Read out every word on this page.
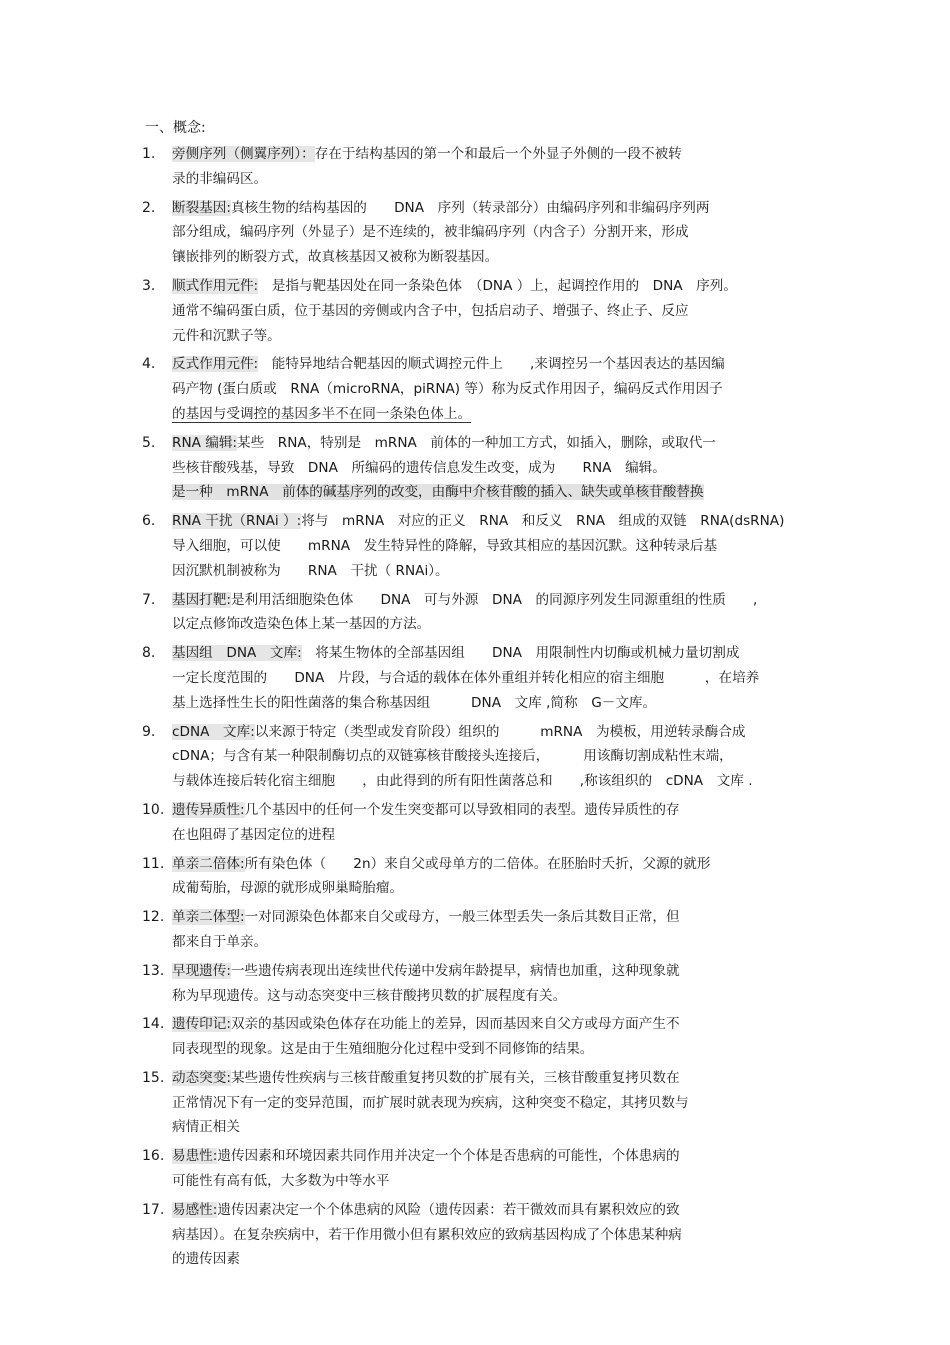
一、概念:
1.	旁侧序列（侧翼序列）：存在于结构基因的第一个和最后一个外显子外侧的一段不被转
录的非编码区。
2.	断裂基因:真核生物的结构基因的　　DNA　序列（转录部分）由编码序列和非编码序列两
部分组成，编码序列（外显子）是不连续的，被非编码序列（内含子）分割开来，形成
镶嵌排列的断裂方式，故真核基因又被称为断裂基因。
3.	顺式作用元件:　是指与靶基因处在同一条染色体　（DNA ）上，起调控作用的　DNA　序列。
通常不编码蛋白质，位于基因的旁侧或内含子中，包括启动子、增强子、终止子、反应
元件和沉默子等。
4.	反式作用元件:　能特异地结合靶基因的顺式调控元件上　　,来调控另一个基因表达的基因编
码产物 (蛋白质或　RNA（microRNA，piRNA) 等）称为反式作用因子，编码反式作用因子
的基因与受调控的基因多半不在同一条染色体上。
5.	RNA 编辑:某些　RNA，特别是　mRNA　前体的一种加工方式，如插入，删除，或取代一
些核苷酸残基，导致　DNA　所编码的遗传信息发生改变，成为　　RNA　编辑。
是一种　mRNA　前体的碱基序列的改变，由酶中介核苷酸的插入、缺失或单核苷酸替换
6.	RNA 干扰（RNAi ）:将与　mRNA　对应的正义　RNA　和反义　RNA　组成的双链　RNA(dsRNA)
导入细胞，可以使　　mRNA　发生特异性的降解，导致其相应的基因沉默。这种转录后基
因沉默机制被称为　　RNA　干扰（ RNAi）。
7.	基因打靶:是利用活细胞染色体　　DNA　可与外源　DNA　的同源序列发生同源重组的性质　　,
以定点修饰改造染色体上某一基因的方法。
8.	基因组　DNA　文库:　将某生物体的全部基因组　　DNA　用限制性内切酶或机械力量切割成
一定长度范围的　　DNA　片段，与合适的载体在体外重组并转化相应的宿主细胞　　　，在培养
基上选择性生长的阳性菌落的集合称基因组　　　DNA　文库 ,简称　G－文库。
9.	cDNA　文库:以来源于特定（类型或发育阶段）组织的　　　mRNA　为模板，用逆转录酶合成
cDNA；与含有某一种限制酶切点的双链寡核苷酸接头连接后，　　　用该酶切割成粘性末端，
与载体连接后转化宿主细胞　　，由此得到的所有阳性菌落总和　　,称该组织的　cDNA　文库 .
10. 遗传异质性:几个基因中的任何一个发生突变都可以导致相同的表型。遗传异质性的存
在也阻碍了基因定位的进程
11. 单亲二倍体:所有染色体（　　2n）来自父或母单方的二倍体。在胚胎时夭折，父源的就形
成葡萄胎，母源的就形成卵巢畸胎瘤。
12. 单亲二体型:一对同源染色体都来自父或母方，一般三体型丢失一条后其数目正常，但
都来自于单亲。
13. 早现遗传:一些遗传病表现出连续世代传递中发病年龄提早，病情也加重，这种现象就
称为早现遗传。这与动态突变中三核苷酸拷贝数的扩展程度有关。
14. 遗传印记:双亲的基因或染色体存在功能上的差异，因而基因来自父方或母方面产生不
同表现型的现象。这是由于生殖细胞分化过程中受到不同修饰的结果。
15. 动态突变:某些遗传性疾病与三核苷酸重复拷贝数的扩展有关，三核苷酸重复拷贝数在
正常情况下有一定的变异范围，而扩展时就表现为疾病，这种突变不稳定，其拷贝数与
病情正相关
16. 易患性:遗传因素和环境因素共同作用并决定一个个体是否患病的可能性，个体患病的
可能性有高有低，大多数为中等水平
17. 易感性:遗传因素决定一个个体患病的风险（遗传因素：若干微效而具有累积效应的致
病基因）。在复杂疾病中，若干作用微小但有累积效应的致病基因构成了个体患某种病
的遗传因素
